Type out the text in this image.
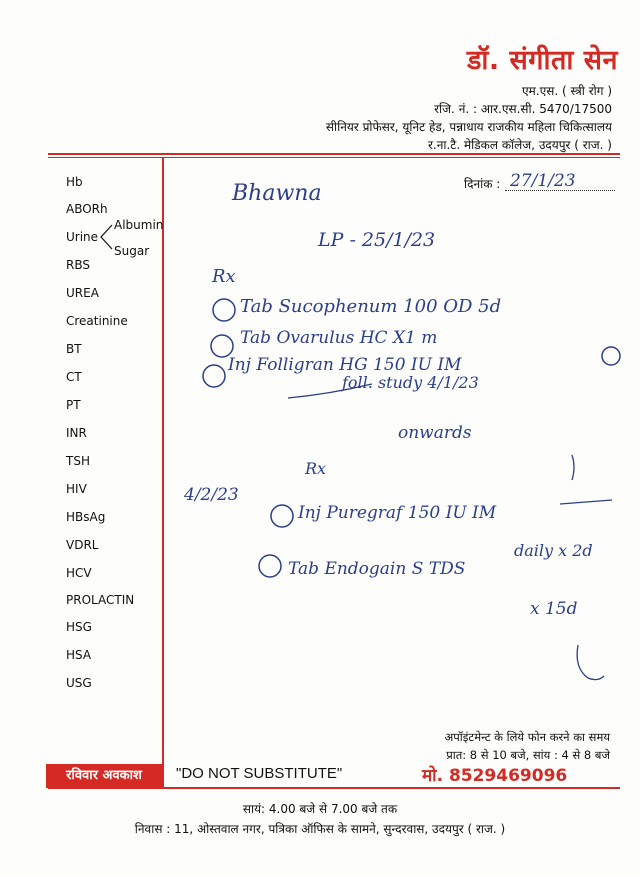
डॉ. संगीता सेन
एम.एस. ( स्त्री रोग )
रजि. नं. : आर.एस.सी. 5470/17500
सीनियर प्रोफेसर, यूनिट हेड, पन्नाधाय राजकीय महिला चिकित्सालय
र.ना.टै. मेडिकल कॉलेज, उदयपुर ( राज. )
Hb
ABORh
Urine
RBS
UREA
Creatinine
BT
CT
PT
INR
TSH
HIV
HBsAg
VDRL
HCV
PROLACTIN
HSG
HSA
USG
Albumin
Sugar
दिनांक :
Bhawna	27/1/23
LP - 25/1/23
Rx
Tab Sucophenum 100 OD 5d
Tab Ovarulus HC X1 m
Inj Folligran HG 150 IU IM
foll. study 4/1/23
onwards
4/2/23
Rx
Inj Puregraf 150 IU IM
daily x 2d
Tab Endogain S TDS
x 15d
अपॉइंटमेन्ट के लिये फोन करने का समय
प्रात: 8 से 10 बजे, सांय : 4 से 8 बजे
रविवार अवकाश	"DO NOT SUBSTITUTE"	मो. 8529469096
सायं: 4.00 बजे से 7.00 बजे तक
निवास : 11, ओस्तवाल नगर, पत्रिका ऑफिस के सामने, सुन्दरवास, उदयपुर ( राज. )
